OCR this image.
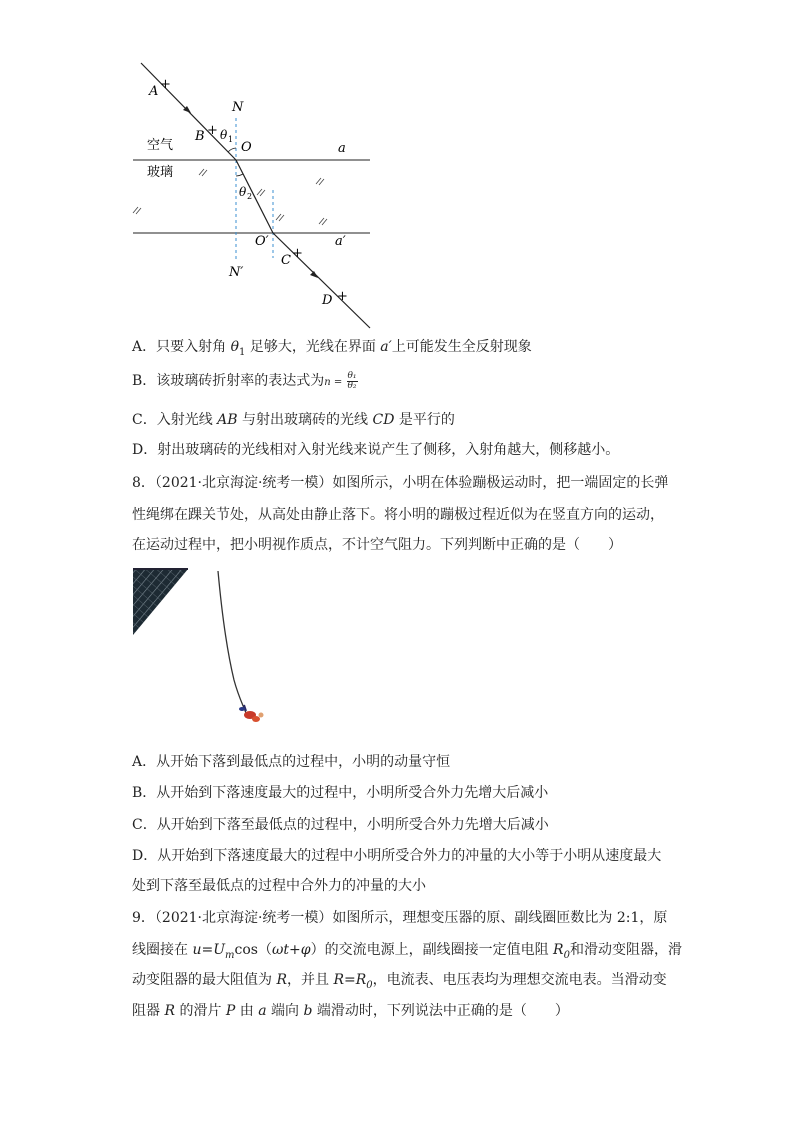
A +
B + θ 1
N
O	a
空气
玻璃
θ 2
O′	a′
N′
C +
D +
A．只要入射角 $\theta_1$ 足够大，光线在界面 a′上可能发生全反射现象
B．该玻璃砖折射率的表达式为$n = \frac{\text{θ₁}}{\text{θ₂}}$
C．入射光线 AB 与射出玻璃砖的光线 CD 是平行的
D．射出玻璃砖的光线相对入射光线来说产生了侧移，入射角越大，侧移越小。
8．（2021·北京海淀·统考一模）如图所示，小明在体验蹦极运动时，把一端固定的长弹
性绳绑在踝关节处，从高处由静止落下。将小明的蹦极过程近似为在竖直方向的运动，
在运动过程中，把小明视作质点，不计空气阻力。下列判断中正确的是（　　）
A．从开始下落到最低点的过程中，小明的动量守恒
B．从开始到下落速度最大的过程中，小明所受合外力先增大后减小
C．从开始到下落至最低点的过程中，小明所受合外力先增大后减小
D．从开始到下落速度最大的过程中小明所受合外力的冲量的大小等于小明从速度最大
处到下落至最低点的过程中合外力的冲量的大小
9．（2021·北京海淀·统考一模）如图所示，理想变压器的原、副线圈匝数比为 2:1，原
线圈接在 $u=U_m\cos(\omega t+\varphi)$的交流电源上，副线圈接一定值电阻 $R_0$和滑动变阻器，滑
动变阻器的最大阻值为 R，并且 $R=R_0$，电流表、电压表均为理想交流电表。当滑动变
阻器 R 的滑片 P 由 a 端向 b 端滑动时，下列说法中正确的是（　　）
